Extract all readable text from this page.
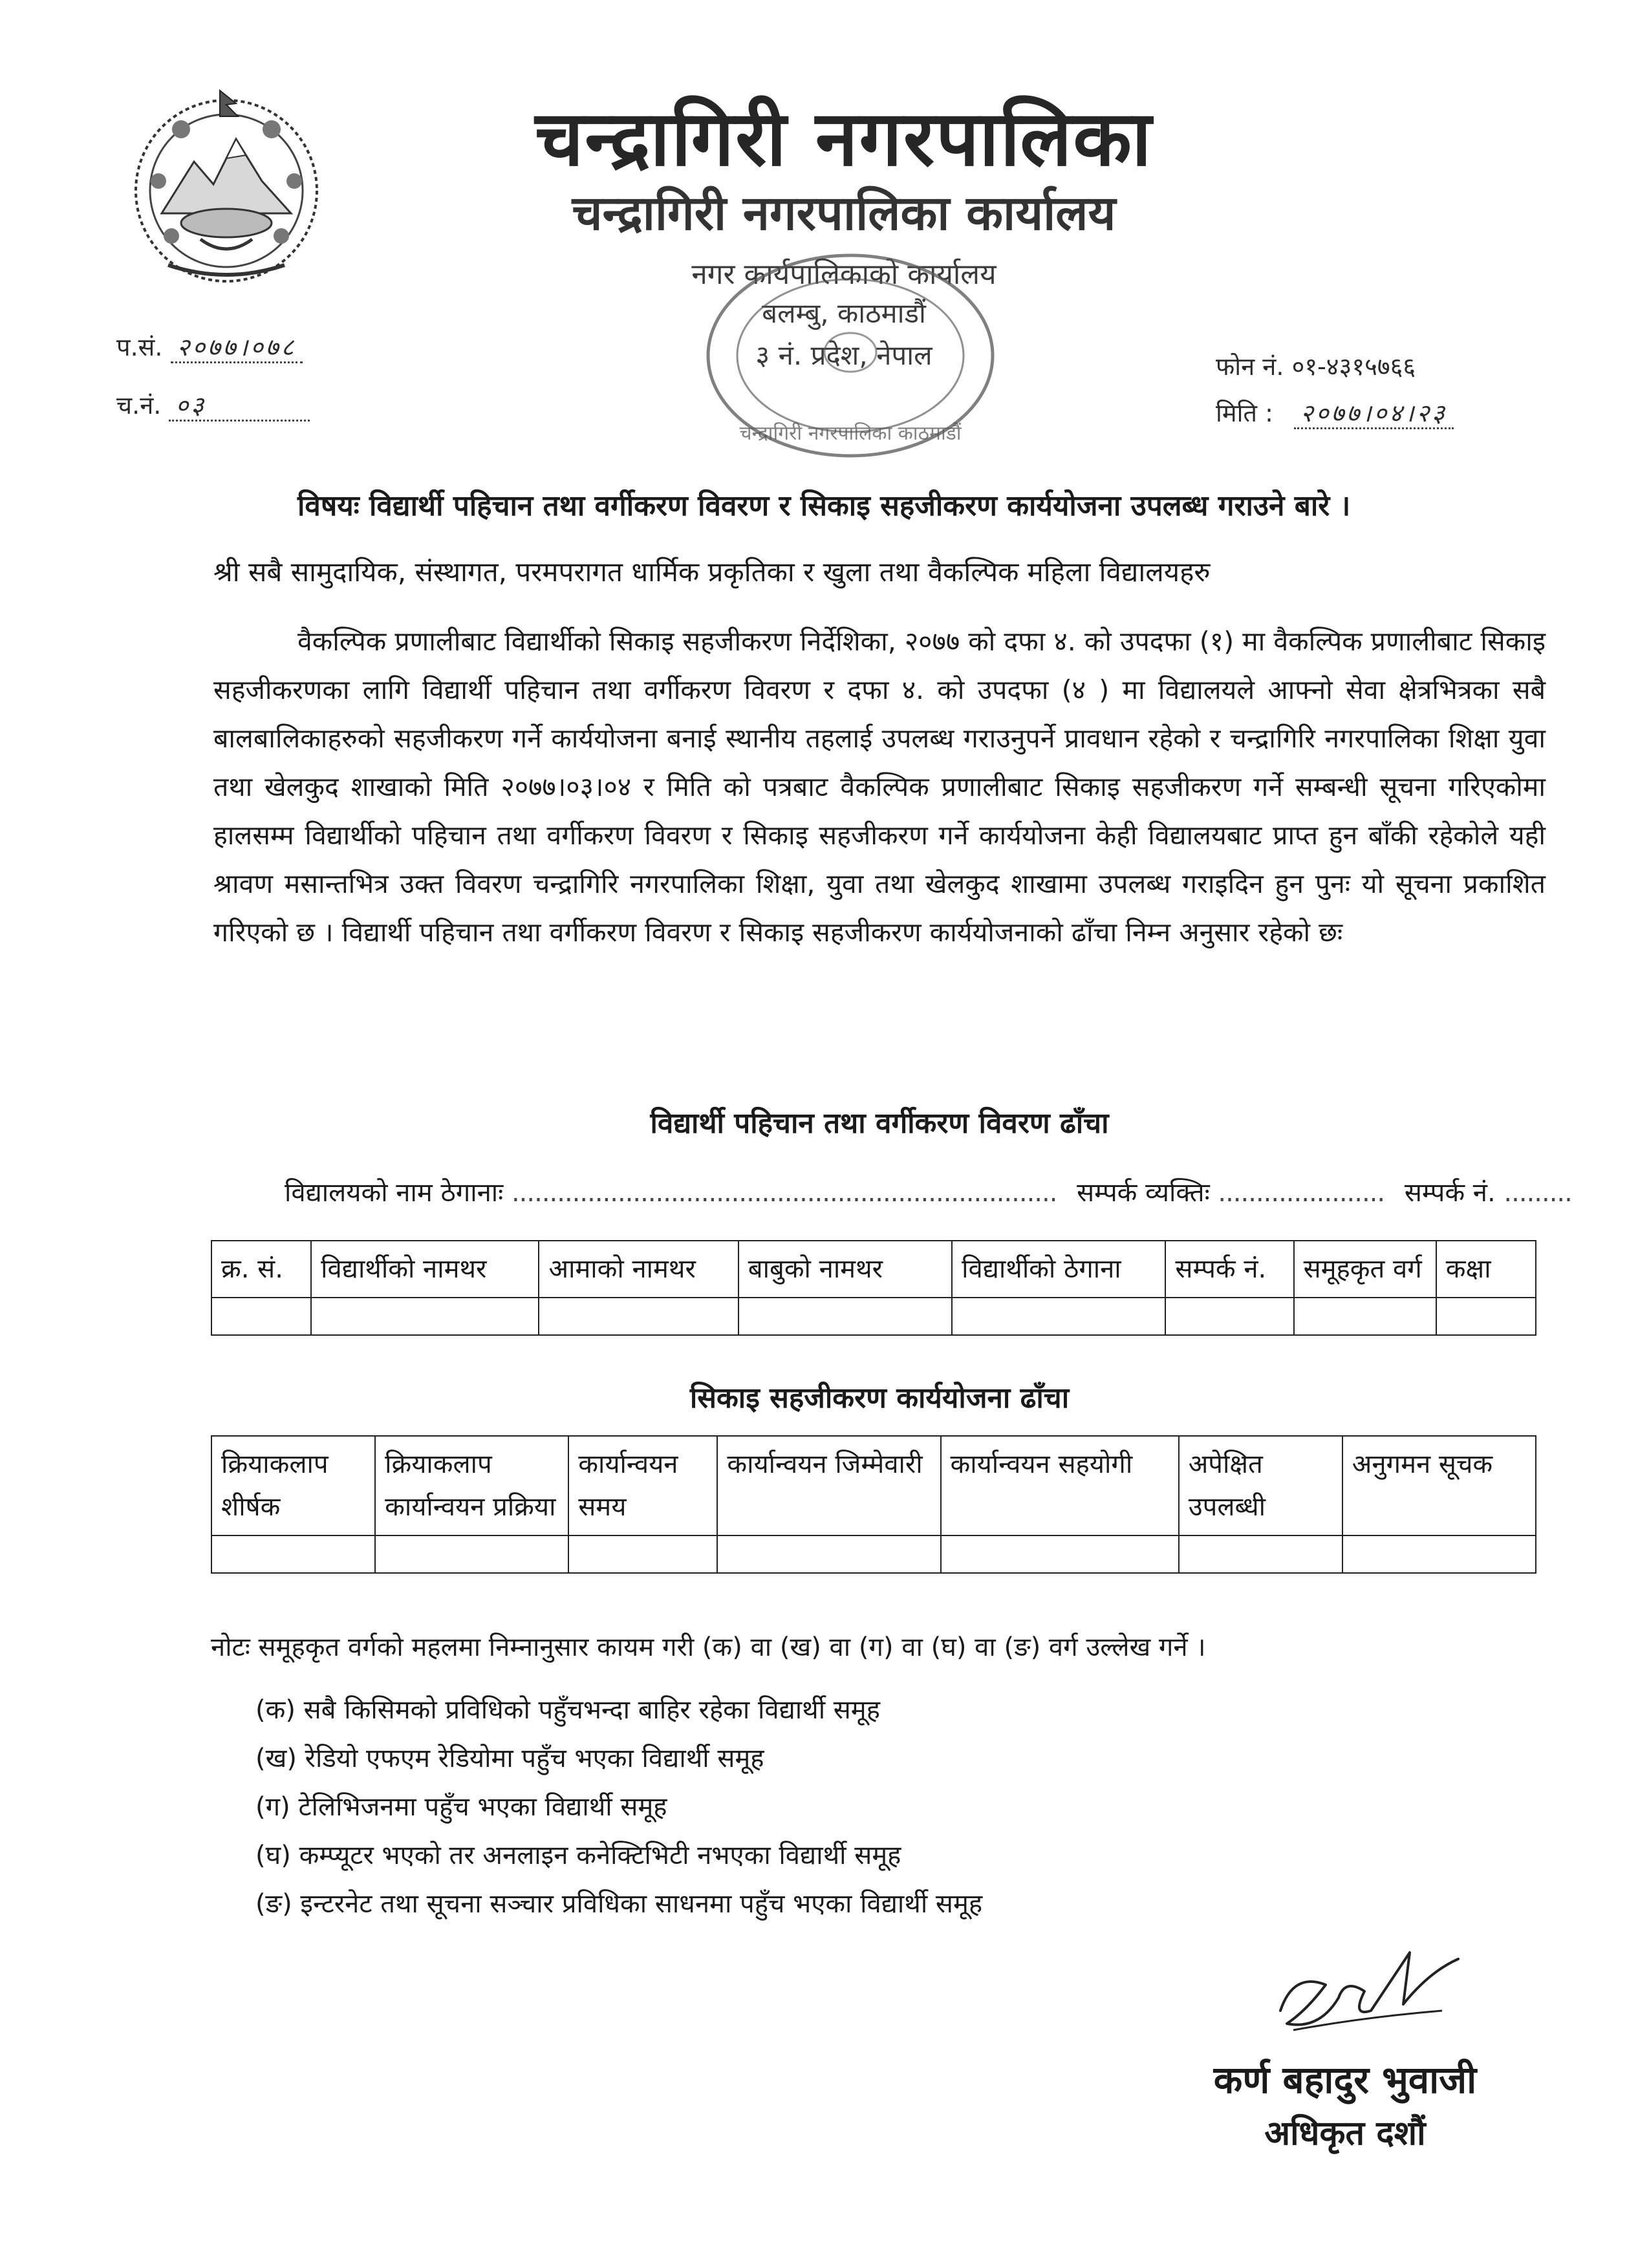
चन्द्रागिरी नगरपालिका
चन्द्रागिरी नगरपालिका कार्यालय
नगर कार्यपालिकाको कार्यालय
बलम्बु, काठमाडौं
३ नं. प्रदेश, नेपाल
चन्द्रागिरी नगरपालिका काठमाडौं
प.सं. २०७७।०७८
च.नं. ०३
फोन नं. ०१-४३१५७६६
मिति : २०७७।०४।२३
विषयः विद्यार्थी पहिचान तथा वर्गीकरण विवरण र सिकाइ सहजीकरण कार्ययोजना उपलब्ध गराउने बारे ।
श्री सबै सामुदायिक, संस्थागत, परमपरागत धार्मिक प्रकृतिका र खुला तथा वैकल्पिक महिला विद्यालयहरु
वैकल्पिक प्रणालीबाट विद्यार्थीको सिकाइ सहजीकरण निर्देशिका, २०७७ को दफा ४. को उपदफा (१) मा वैकल्पिक प्रणालीबाट सिकाइ सहजीकरणका लागि विद्यार्थी पहिचान तथा वर्गीकरण विवरण र दफा ४. को उपदफा (४ ) मा विद्यालयले आफ्नो सेवा क्षेत्रभित्रका सबै बालबालिकाहरुको सहजीकरण गर्ने कार्ययोजना बनाई स्थानीय तहलाई उपलब्ध गराउनुपर्ने प्रावधान रहेको र चन्द्रागिरि नगरपालिका शिक्षा युवा तथा खेलकुद शाखाको मिति २०७७।०३।०४ र मिति को पत्रबाट वैकल्पिक प्रणालीबाट सिकाइ सहजीकरण गर्ने सम्बन्धी सूचना गरिएकोमा हालसम्म विद्यार्थीको पहिचान तथा वर्गीकरण विवरण र सिकाइ सहजीकरण गर्ने कार्ययोजना केही विद्यालयबाट प्राप्त हुन बाँकी रहेकोले यही श्रावण मसान्तभित्र उक्त विवरण चन्द्रागिरि नगरपालिका शिक्षा, युवा तथा खेलकुद शाखामा उपलब्ध गराइदिन हुन पुनः यो सूचना प्रकाशित गरिएको छ । विद्यार्थी पहिचान तथा वर्गीकरण विवरण र सिकाइ सहजीकरण कार्ययोजनाको ढाँचा निम्न अनुसार रहेको छः
विद्यार्थी पहिचान तथा वर्गीकरण विवरण ढाँचा
विद्यालयको नाम ठेगानाः ........................................................................ सम्पर्क व्यक्तिः ...................... सम्पर्क नं. .........
क्र. सं.	विद्यार्थीको नामथर	आमाको नामथर	बाबुको नामथर	विद्यार्थीको ठेगाना	सम्पर्क नं.	समूहकृत वर्ग	कक्षा

सिकाइ सहजीकरण कार्ययोजना ढाँचा
क्रियाकलाप शीर्षक	क्रियाकलाप कार्यान्वयन प्रक्रिया	कार्यान्वयन समय	कार्यान्वयन जिम्मेवारी	कार्यान्वयन सहयोगी	अपेक्षित उपलब्धी	अनुगमन सूचक

नोटः समूहकृत वर्गको महलमा निम्नानुसार कायम गरी (क) वा (ख) वा (ग) वा (घ) वा (ङ) वर्ग उल्लेख गर्ने ।
(क) सबै किसिमको प्रविधिको पहुँचभन्दा बाहिर रहेका विद्यार्थी समूह
(ख) रेडियो एफएम रेडियोमा पहुँच भएका विद्यार्थी समूह
(ग) टेलिभिजनमा पहुँच भएका विद्यार्थी समूह
(घ) कम्प्यूटर भएको तर अनलाइन कनेक्टिभिटी नभएका विद्यार्थी समूह
(ङ) इन्टरनेट तथा सूचना सञ्चार प्रविधिका साधनमा पहुँच भएका विद्यार्थी समूह
कर्ण बहादुर भुवाजी
अधिकृत दशौं
